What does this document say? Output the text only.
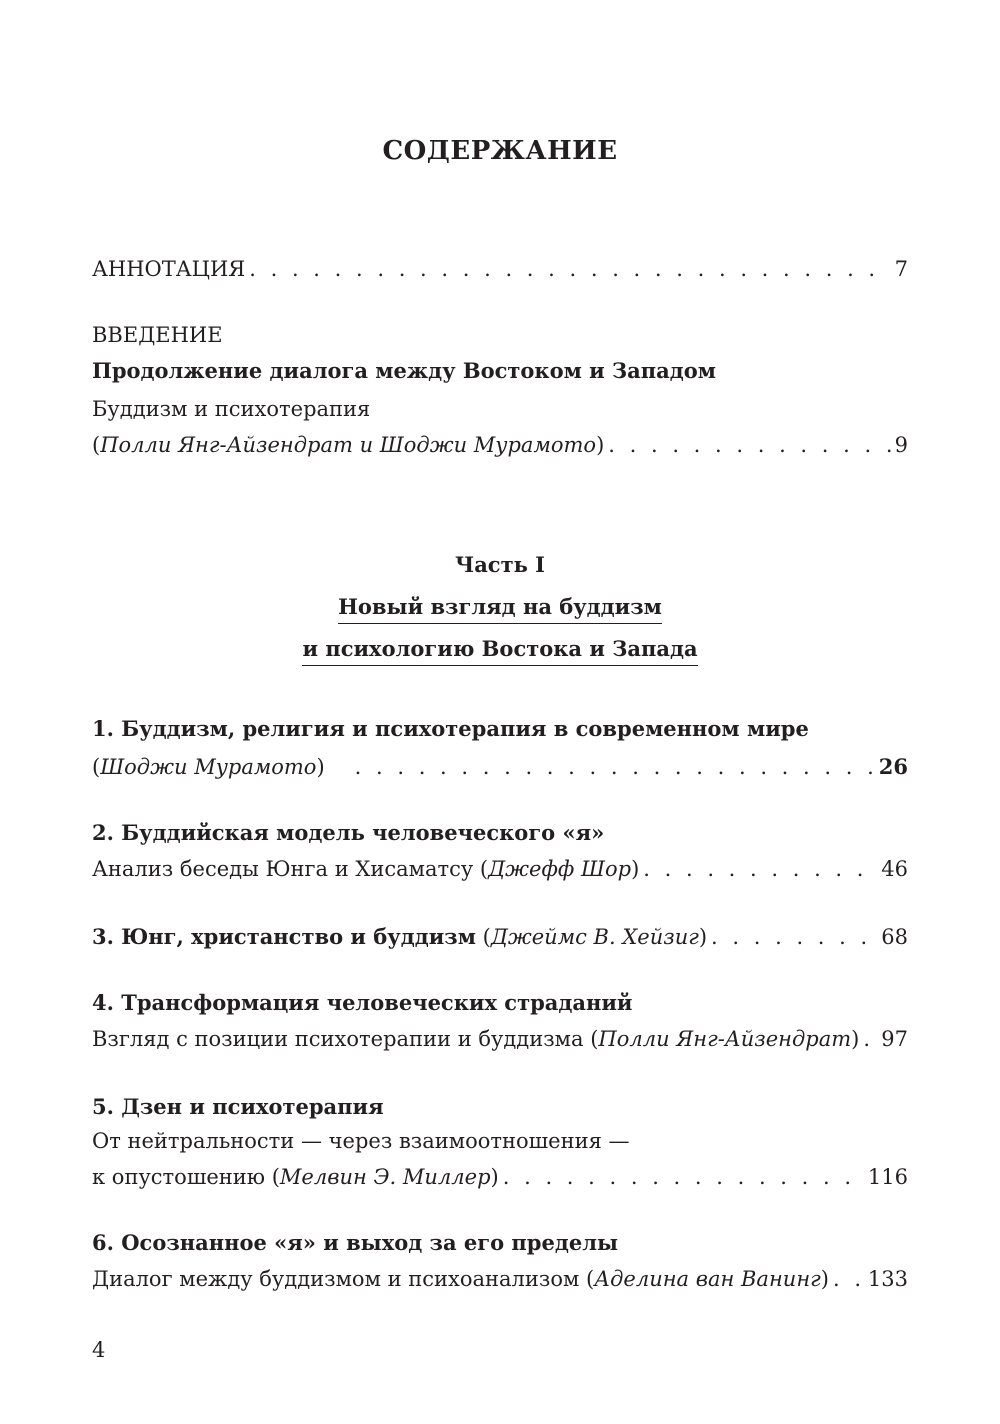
СОДЕРЖАНИЕ
АННОТАЦИЯ . . .	7
ВВЕДЕНИЕ
Продолжение диалога между Востоком и Западом
Буддизм и психотерапия
(Полли Янг-Айзендрат и Шоджи Мурамото) . . .	9
Часть I
Новый взгляд на буддизм
и психологию Востока и Запада
1. Буддизм, религия и психотерапия в современном мире
(Шоджи Мурамото) . . .	26
2. Буддийская модель человеческого «я»
Анализ беседы Юнга и Хисаматсу (Джефф Шор) . . .	46
3. Юнг, христанство и буддизм (Джеймс В. Хейзиг) . . .	68
4. Трансформация человеческих страданий
Взгляд с позиции психотерапии и буддизма (Полли Янг-Айзендрат) . . . 97
5. Дзен и психотерапия
От нейтральности — через взаимоотношения —
к опустошению (Мелвин Э. Миллер) . . .	116
6. Осознанное «я» и выход за его пределы
Диалог между буддизмом и психоанализом (Аделина ван Ванинг) . . . 133
4
